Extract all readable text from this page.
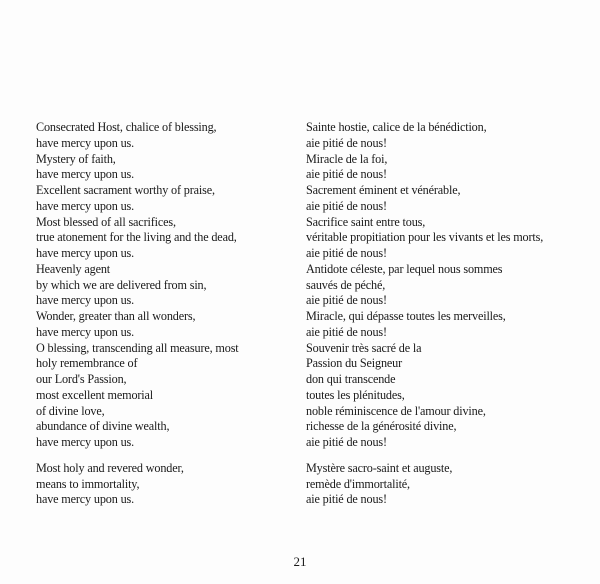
Consecrated Host, chalice of blessing,
have mercy upon us.
Mystery of faith,
have mercy upon us.
Excellent sacrament worthy of praise,
have mercy upon us.
Most blessed of all sacrifices,
true atonement for the living and the dead,
have mercy upon us.
Heavenly agent
by which we are delivered from sin,
have mercy upon us.
Wonder, greater than all wonders,
have mercy upon us.
O blessing, transcending all measure, most
holy remembrance of
our Lord's Passion,
most excellent memorial
of divine love,
abundance of divine wealth,
have mercy upon us.

Most holy and revered wonder,
means to immortality,
have mercy upon us.

Sainte hostie, calice de la bénédiction,
aie pitié de nous!
Miracle de la foi,
aie pitié de nous!
Sacrement éminent et vénérable,
aie pitié de nous!
Sacrifice saint entre tous,
véritable propitiation pour les vivants et les morts,
aie pitié de nous!
Antidote céleste, par lequel nous sommes
sauvés de péché,
aie pitié de nous!
Miracle, qui dépasse toutes les merveilles,
aie pitié de nous!
Souvenir très sacré de la
Passion du Seigneur
don qui transcende
toutes les plénitudes,
noble réminiscence de l'amour divine,
richesse de la générosité divine,
aie pitié de nous!

Mystère sacro-saint et auguste,
remède d'immortalité,
aie pitié de nous!

21
